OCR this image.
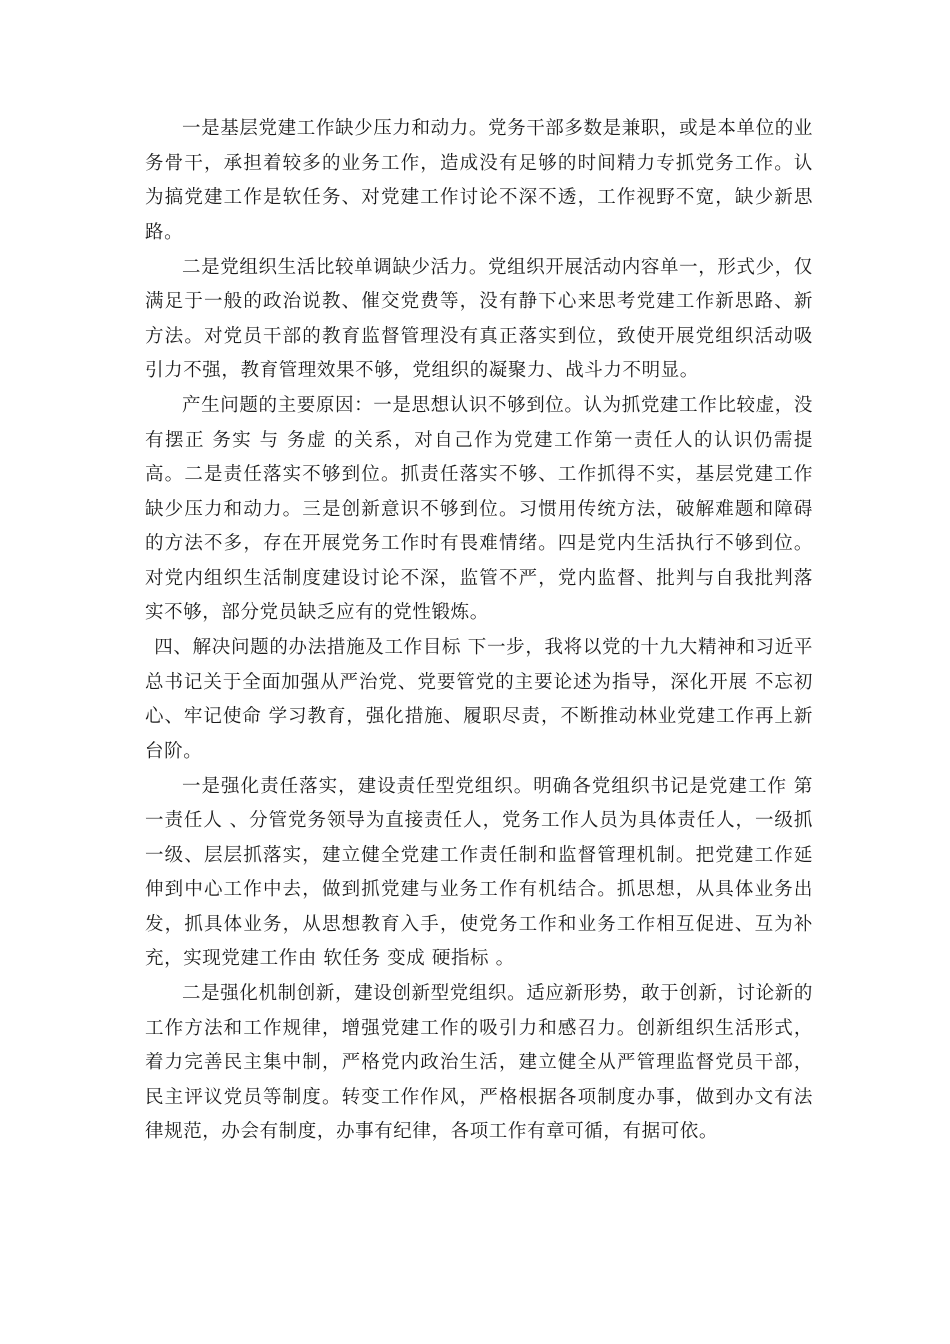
一是基层党建工作缺少压力和动力。党务干部多数是兼职，或是本单位的业务骨干，承担着较多的业务工作，造成没有足够的时间精力专抓党务工作。认为搞党建工作是软任务、对党建工作讨论不深不透，工作视野不宽，缺少新思路。

二是党组织生活比较单调缺少活力。党组织开展活动内容单一，形式少，仅满足于一般的政治说教、催交党费等，没有静下心来思考党建工作新思路、新方法。对党员干部的教育监督管理没有真正落实到位，致使开展党组织活动吸引力不强，教育管理效果不够，党组织的凝聚力、战斗力不明显。

产生问题的主要原因：一是思想认识不够到位。认为抓党建工作比较虚，没有摆正 务实 与 务虚 的关系，对自己作为党建工作第一责任人的认识仍需提高。二是责任落实不够到位。抓责任落实不够、工作抓得不实，基层党建工作缺少压力和动力。三是创新意识不够到位。习惯用传统方法，破解难题和障碍的方法不多，存在开展党务工作时有畏难情绪。四是党内生活执行不够到位。对党内组织生活制度建设讨论不深，监管不严，党内监督、批判与自我批判落实不够，部分党员缺乏应有的党性锻炼。

四、解决问题的办法措施及工作目标 下一步，我将以党的十九大精神和习近平总书记关于全面加强从严治党、党要管党的主要论述为指导，深化开展 不忘初心、牢记使命 学习教育，强化措施、履职尽责，不断推动林业党建工作再上新台阶。

一是强化责任落实，建设责任型党组织。明确各党组织书记是党建工作 第一责任人 、分管党务领导为直接责任人，党务工作人员为具体责任人，一级抓一级、层层抓落实，建立健全党建工作责任制和监督管理机制。把党建工作延伸到中心工作中去，做到抓党建与业务工作有机结合。抓思想，从具体业务出发，抓具体业务，从思想教育入手，使党务工作和业务工作相互促进、互为补充，实现党建工作由 软任务 变成 硬指标 。

二是强化机制创新，建设创新型党组织。适应新形势，敢于创新，讨论新的工作方法和工作规律，增强党建工作的吸引力和感召力。创新组织生活形式，着力完善民主集中制，严格党内政治生活，建立健全从严管理监督党员干部，民主评议党员等制度。转变工作作风，严格根据各项制度办事，做到办文有法律规范，办会有制度，办事有纪律，各项工作有章可循，有据可依。
